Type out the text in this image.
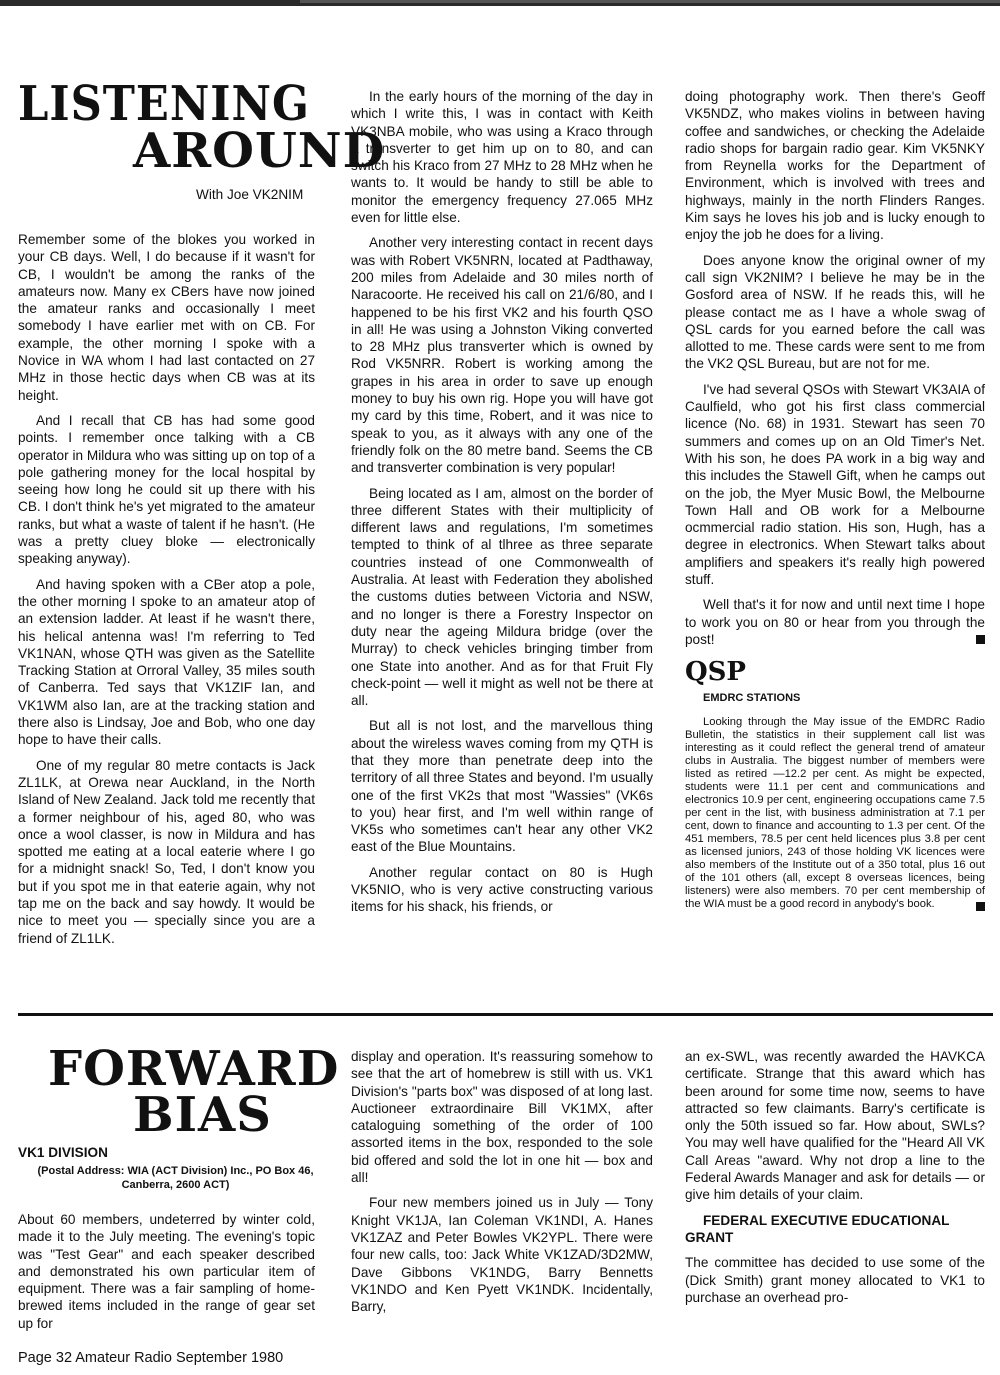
LISTENING
AROUND
With Joe VK2NIM

Remember some of the blokes you worked in your CB days. Well, I do because if it wasn't for CB, I wouldn't be among the ranks of the amateurs now. Many ex CBers have now joined the amateur ranks and occasionally I meet somebody I have earlier met with on CB. For example, the other morning I spoke with a Novice in WA whom I had last contacted on 27 MHz in those hectic days when CB was at its height.

And I recall that CB has had some good points. I remember once talking with a CB operator in Mildura who was sitting up on top of a pole gathering money for the local hospital by seeing how long he could sit up there with his CB. I don't think he's yet migrated to the amateur ranks, but what a waste of talent if he hasn't. (He was a pretty cluey bloke — electronically speaking anyway).

And having spoken with a CBer atop a pole, the other morning I spoke to an amateur atop of an extension ladder. At least if he wasn't there, his helical antenna was! I'm referring to Ted VK1NAN, whose QTH was given as the Satellite Tracking Station at Orroral Valley, 35 miles south of Canberra. Ted says that VK1ZIF Ian, and VK1WM also Ian, are at the tracking station and there also is Lindsay, Joe and Bob, who one day hope to have their calls.

One of my regular 80 metre contacts is Jack ZL1LK, at Orewa near Auckland, in the North Island of New Zealand. Jack told me recently that a former neighbour of his, aged 80, who was once a wool classer, is now in Mildura and has spotted me eating at a local eaterie where I go for a midnight snack! So, Ted, I don't know you but if you spot me in that eaterie again, why not tap me on the back and say howdy. It would be nice to meet you — specially since you are a friend of ZL1LK.

In the early hours of the morning of the day in which I write this, I was in contact with Keith VK3NBA mobile, who was using a Kraco through a transverter to get him up on to 80, and can switch his Kraco from 27 MHz to 28 MHz when he wants to. It would be handy to still be able to monitor the emergency frequency 27.065 MHz even for little else.

Another very interesting contact in recent days was with Robert VK5NRN, located at Padthaway, 200 miles from Adelaide and 30 miles north of Naracoorte. He received his call on 21/6/80, and I happened to be his first VK2 and his fourth QSO in all! He was using a Johnston Viking converted to 28 MHz plus transverter which is owned by Rod VK5NRR. Robert is working among the grapes in his area in order to save up enough money to buy his own rig. Hope you will have got my card by this time, Robert, and it was nice to speak to you, as it always with any one of the friendly folk on the 80 metre band. Seems the CB and transverter combination is very popular!

Being located as I am, almost on the border of three different States with their multiplicity of different laws and regulations, I'm sometimes tempted to think of al tlhree as three separate countries instead of one Commonwealth of Australia. At least with Federation they abolished the customs duties between Victoria and NSW, and no longer is there a Forestry Inspector on duty near the ageing Mildura bridge (over the Murray) to check vehicles bringing timber from one State into another. And as for that Fruit Fly check-point — well it might as well not be there at all.

But all is not lost, and the marvellous thing about the wireless waves coming from my QTH is that they more than penetrate deep into the territory of all three States and beyond. I'm usually one of the first VK2s that most "Wassies" (VK6s to you) hear first, and I'm well within range of VK5s who sometimes can't hear any other VK2 east of the Blue Mountains.

Another regular contact on 80 is Hugh VK5NIO, who is very active constructing various items for his shack, his friends, or

doing photography work. Then there's Geoff VK5NDZ, who makes violins in between having coffee and sandwiches, or checking the Adelaide radio shops for bargain radio gear. Kim VK5NKY from Reynella works for the Department of Environment, which is involved with trees and highways, mainly in the north Flinders Ranges. Kim says he loves his job and is lucky enough to enjoy the job he does for a living.

Does anyone know the original owner of my call sign VK2NIM? I believe he may be in the Gosford area of NSW. If he reads this, will he please contact me as I have a whole swag of QSL cards for you earned before the call was allotted to me. These cards were sent to me from the VK2 QSL Bureau, but are not for me.

I've had several QSOs with Stewart VK3AIA of Caulfield, who got his first class commercial licence (No. 68) in 1931. Stewart has seen 70 summers and comes up on an Old Timer's Net. With his son, he does PA work in a big way and this includes the Stawell Gift, when he camps out on the job, the Myer Music Bowl, the Melbourne Town Hall and OB work for a Melbourne ocmmercial radio station. His son, Hugh, has a degree in electronics. When Stewart talks about amplifiers and speakers it's really high powered stuff.

Well that's it for now and until next time I hope to work you on 80 or hear from you through the post!

QSP

EMDRC STATIONS

Looking through the May issue of the EMDRC Radio Bulletin, the statistics in their supplement call list was interesting as it could reflect the general trend of amateur clubs in Australia. The biggest number of members were listed as retired —12.2 per cent. As might be expected, students were 11.1 per cent and communications and electronics 10.9 per cent, engineering occupations came 7.5 per cent in the list, with business administration at 7.1 per cent, down to finance and accounting to 1.3 per cent. Of the 451 members, 78.5 per cent held licences plus 3.8 per cent as licensed juniors, 243 of those holding VK licences were also members of the Institute out of a 350 total, plus 16 out of the 101 others (all, except 8 overseas licences, being listeners) were also members. 70 per cent membership of the WIA must be a good record in anybody's book.

FORWARD
BIAS
VK1 DIVISION
(Postal Address: WIA (ACT Division) Inc., PO Box 46, Canberra, 2600 ACT)

About 60 members, undeterred by winter cold, made it to the July meeting. The evening's topic was "Test Gear" and each speaker described and demonstrated his own particular item of equipment. There was a fair sampling of home-brewed items included in the range of gear set up for

display and operation. It's reassuring somehow to see that the art of homebrew is still with us. VK1 Division's "parts box" was disposed of at long last. Auctioneer extraordinaire Bill VK1MX, after cataloguing something of the order of 100 assorted items in the box, responded to the sole bid offered and sold the lot in one hit — box and all!

Four new members joined us in July — Tony Knight VK1JA, Ian Coleman VK1NDI, A. Hanes VK1ZAZ and Peter Bowles VK2YPL. There were four new calls, too: Jack White VK1ZAD/3D2MW, Dave Gibbons VK1NDG, Barry Bennetts VK1NDO and Ken Pyett VK1NDK. Incidentally, Barry,

an ex-SWL, was recently awarded the HAVKCA certificate. Strange that this award which has been around for some time now, seems to have attracted so few claimants. Barry's certificate is only the 50th issued so far. How about, SWLs? You may well have qualified for the "Heard All VK Call Areas "award. Why not drop a line to the Federal Awards Manager and ask for details — or give him details of your claim.

FEDERAL EXECUTIVE EDUCATIONAL GRANT

The committee has decided to use some of the (Dick Smith) grant money allocated to VK1 to purchase an overhead pro-

Page 32 Amateur Radio September 1980
